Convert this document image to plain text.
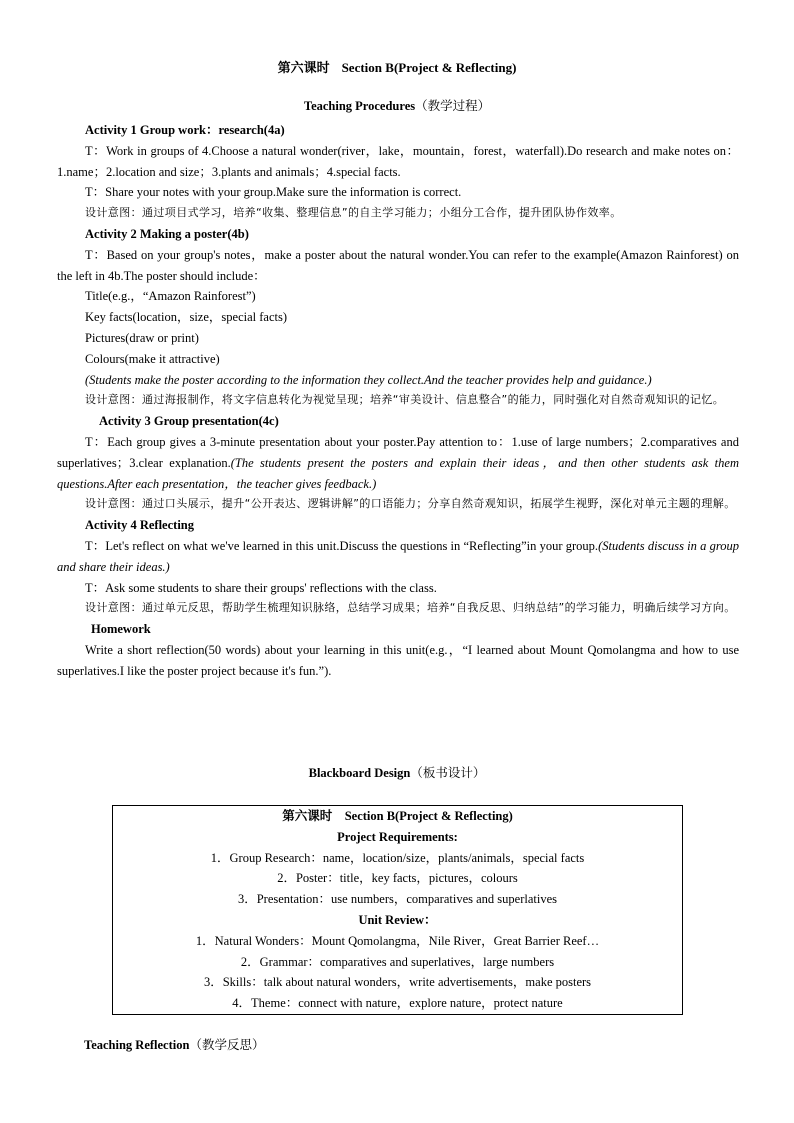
第六课时 Section B(Project & Reflecting)
Teaching Procedures（教学过程）

Activity 1 Group work：research(4a)

T：Work in groups of 4.Choose a natural wonder(river，lake，mountain，forest，waterfall).Do research and make notes on：1.name；2.location and size；3.plants and animals；4.special facts.

T：Share your notes with your group.Make sure the information is correct.

设计意图：通过项目式学习，培养“收集、整理信息”的自主学习能力；小组分工合作，提升团队协作效率。

Activity 2 Making a poster(4b)

T：Based on your group's notes，make a poster about the natural wonder.You can refer to the example(Amazon Rainforest) on the left in 4b.The poster should include：

Title(e.g.，“Amazon Rainforest”)

Key facts(location，size，special facts)

Pictures(draw or print)

Colours(make it attractive)

(Students make the poster according to the information they collect.And the teacher provides help and guidance.)

设计意图：通过海报制作，将文字信息转化为视觉呈现；培养“审美设计、信息整合”的能力，同时强化对自然奇观知识的记忆。

Activity 3 Group presentation(4c)

T：Each group gives a 3-minute presentation about your poster.Pay attention to：1.use of large numbers；2.comparatives and superlatives；3.clear explanation.(The students present the posters and explain their ideas，and then other students ask them questions.After each presentation，the teacher gives feedback.)

设计意图：通过口头展示，提升“公开表达、逻辑讲解”的口语能力；分享自然奇观知识，拓展学生视野，深化对单元主题的理解。

Activity 4 Reflecting

T：Let's reflect on what we've learned in this unit.Discuss the questions in “Reflecting”in your group.(Students discuss in a group and share their ideas.)

T：Ask some students to share their groups' reflections with the class.

设计意图：通过单元反思，帮助学生梳理知识脉络，总结学习成果；培养“自我反思、归纳总结”的学习能力，明确后续学习方向。

Homework

Write a short reflection(50 words) about your learning in this unit(e.g.，“I learned about Mount Qomolangma and how to use superlatives.I like the poster project because it's fun.”).

Blackboard Design（板书设计）
第六课时　Section B(Project & Reflecting)
Project Requirements:
1．Group Research：name，location/size，plants/animals，special facts
2．Poster：title，key facts，pictures，colours
3．Presentation：use numbers，comparatives and superlatives
Unit Review：
1．Natural Wonders：Mount Qomolangma，Nile River，Great Barrier Reef…
2．Grammar：comparatives and superlatives，large numbers
3．Skills：talk about natural wonders，write advertisements，make posters
4．Theme：connect with nature，explore nature，protect nature
Teaching Reflection（教学反思）
